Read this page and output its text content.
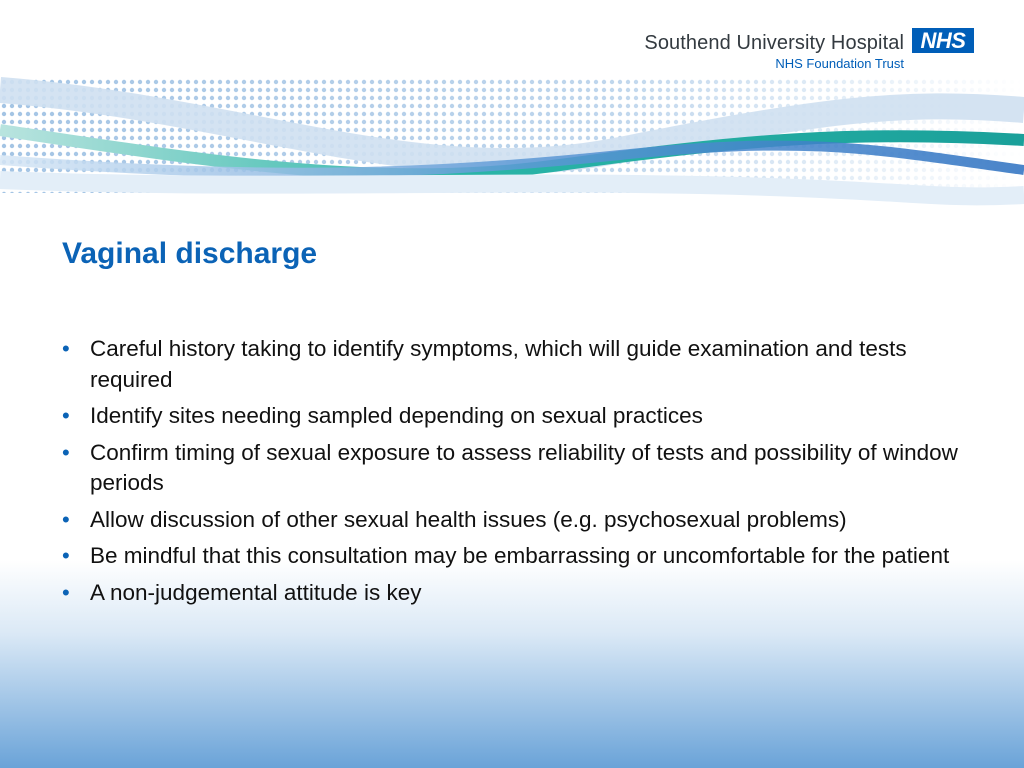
Southend University Hospital
NHS Foundation Trust
NHS
Vaginal discharge
• Careful history taking to identify symptoms, which will guide examination and tests required
• Identify sites needing sampled depending on sexual practices
• Confirm timing of sexual exposure to assess reliability of tests and possibility of window periods
• Allow discussion of other sexual health issues (e.g. psychosexual problems)
• Be mindful that this consultation may be embarrassing or uncomfortable for the patient
• A non-judgemental attitude is key
